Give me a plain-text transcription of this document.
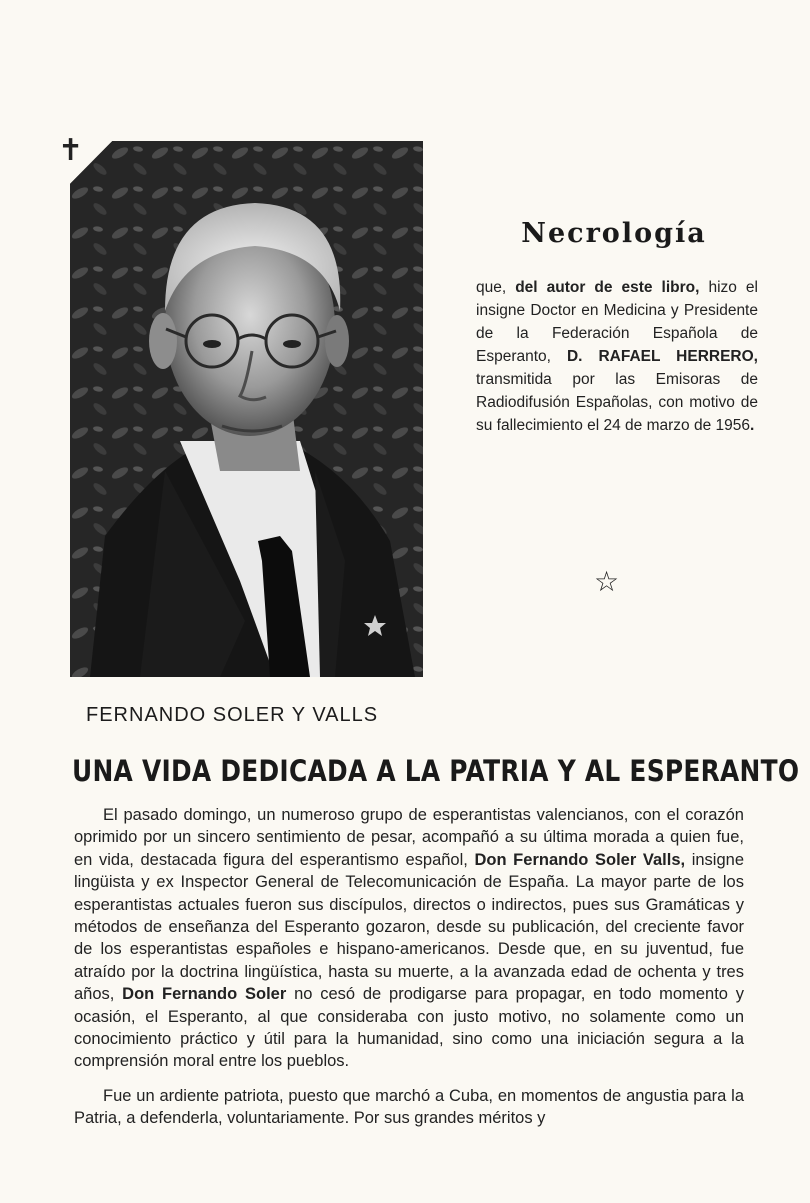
✝
Necrología
que, del autor de este libro, hizo el insigne Doctor en Medicina y Presidente de la Federación Española de Esperanto, D. RAFAEL HERRERO, transmitida por las Emisoras de Radiodifusión Españolas, con motivo de su fallecimiento el 24 de marzo de 1956.
☆
FERNANDO SOLER Y VALLS
UNA VIDA DEDICADA A LA PATRIA Y AL ESPERANTO

El pasado domingo, un numeroso grupo de esperantistas valencianos, con el corazón oprimido por un sincero sentimiento de pesar, acompañó a su última morada a quien fue, en vida, destacada figura del esperantismo español, Don Fernando Soler Valls, insigne lingüista y ex Inspector General de Telecomunicación de España. La mayor parte de los esperantistas actuales fueron sus discípulos, directos o indirectos, pues sus Gramáticas y métodos de enseñanza del Esperanto gozaron, desde su publicación, del creciente favor de los esperantistas españoles e hispano-americanos. Desde que, en su juventud, fue atraído por la doctrina lingüística, hasta su muerte, a la avanzada edad de ochenta y tres años, Don Fernando Soler no cesó de prodigarse para propagar, en todo momento y ocasión, el Esperanto, al que consideraba con justo motivo, no solamente como un conocimiento práctico y útil para la humanidad, sino como una iniciación segura a la comprensión moral entre los pueblos.

Fue un ardiente patriota, puesto que marchó a Cuba, en momentos de angustia para la Patria, a defenderla, voluntariamente. Por sus grandes méritos y
